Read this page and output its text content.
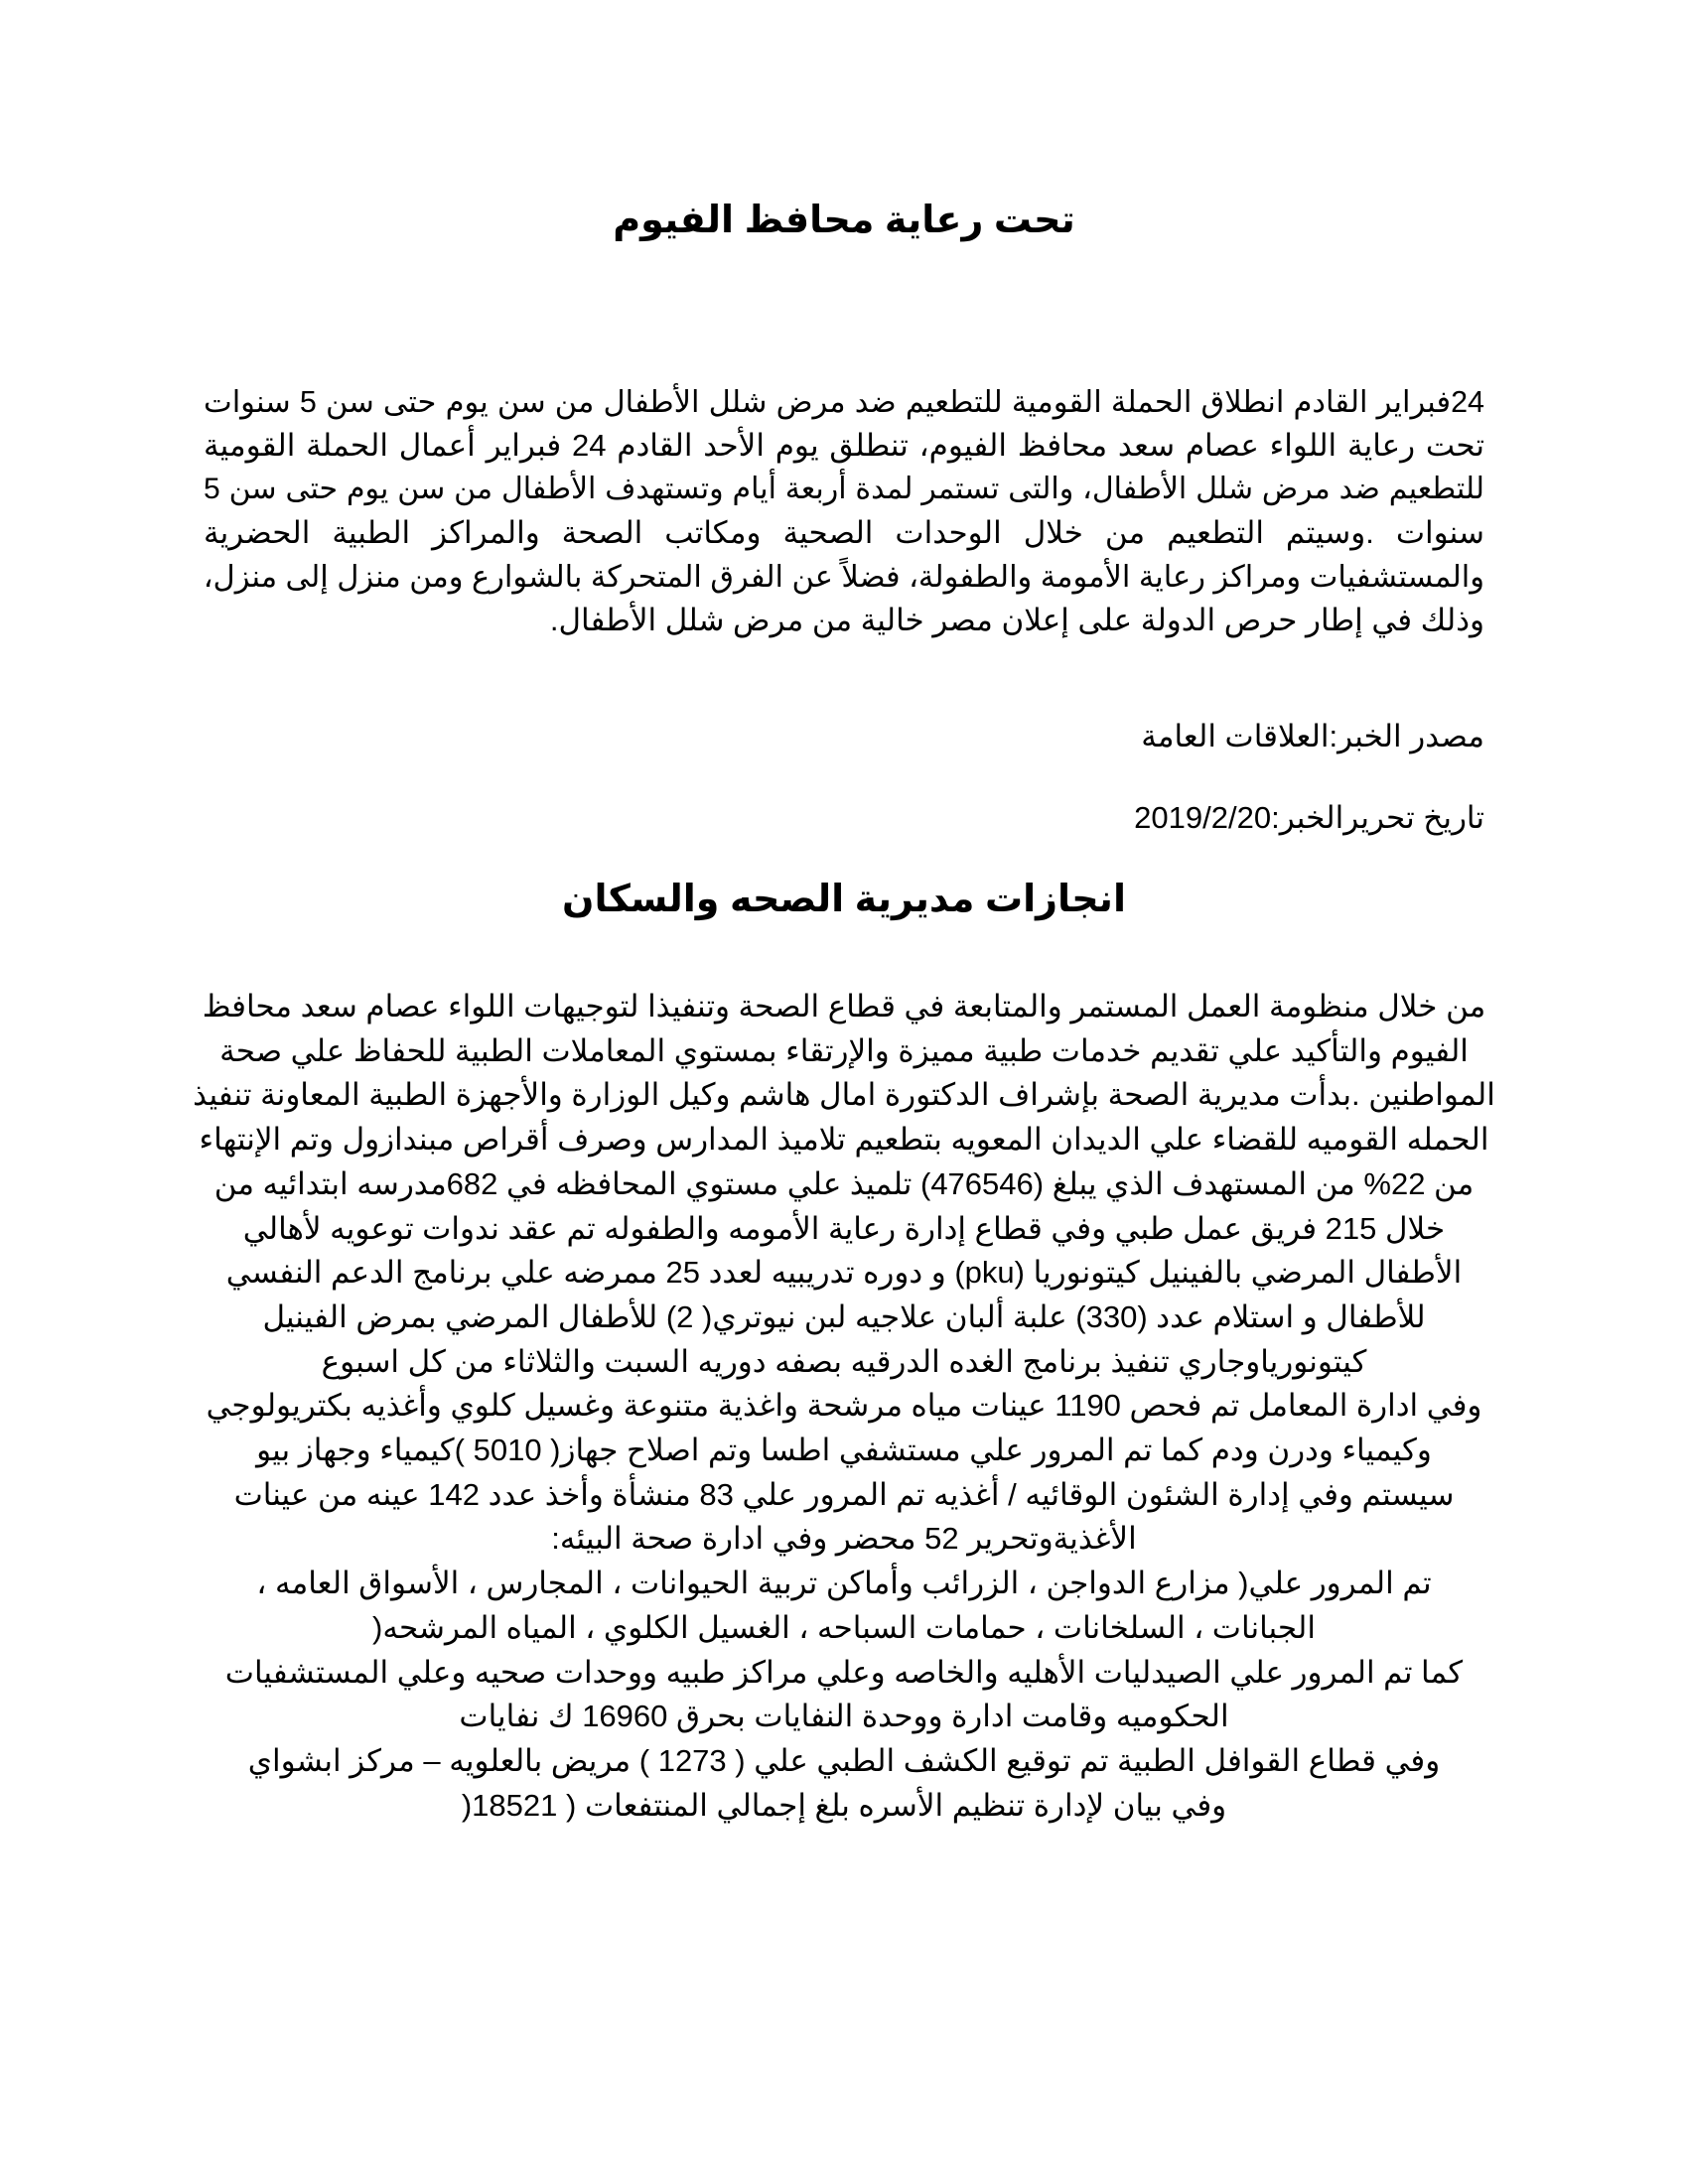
تحت رعاية محافظ الفيوم
24فبراير القادم انطلاق الحملة القومية للتطعيم ضد مرض شلل الأطفال من سن يوم حتى سن 5 سنوات
تحت رعاية اللواء عصام سعد محافظ الفيوم، تنطلق يوم الأحد القادم 24 فبراير أعمال الحملة القومية
للتطعيم ضد مرض شلل الأطفال، والتى تستمر لمدة أربعة أيام وتستهدف الأطفال من سن يوم حتى سن 5
سنوات .وسيتم التطعيم من خلال الوحدات الصحية ومكاتب الصحة والمراكز الطبية الحضرية
والمستشفيات ومراكز رعاية الأمومة والطفولة، فضلاً عن الفرق المتحركة بالشوارع ومن منزل إلى منزل،
وذلك في إطار حرص الدولة على إعلان مصر خالية من مرض شلل الأطفال.

مصدر الخبر:العلاقات العامة

تاريخ تحريرالخبر:2019/2/20

انجازات مديرية الصحه والسكان
من خلال منظومة العمل المستمر والمتابعة في قطاع الصحة وتنفيذا لتوجيهات اللواء عصام سعد محافظ
الفيوم والتأكيد علي تقديم خدمات طبية مميزة والإرتقاء بمستوي المعاملات الطبية للحفاظ علي صحة
المواطنين .بدأت مديرية الصحة بإشراف الدكتورة امال هاشم وكيل الوزارة والأجهزة الطبية المعاونة تنفيذ
الحمله القوميه للقضاء علي الديدان المعويه بتطعيم تلاميذ المدارس وصرف أقراص مبندازول وتم الإنتهاء
من 22% من المستهدف الذي يبلغ (476546) تلميذ علي مستوي المحافظه في 682مدرسه ابتدائيه من
خلال 215 فريق عمل طبي وفي قطاع إدارة رعاية الأمومه والطفوله تم عقد ندوات توعويه لأهالي
الأطفال المرضي بالفينيل كيتونوريا (pku) و دوره تدريبيه لعدد 25 ممرضه علي برنامج الدعم النفسي
للأطفال و استلام عدد (330) علبة ألبان علاجيه لبن نيوتري( 2) للأطفال المرضي بمرض الفينيل
كيتونورياوجاري تنفيذ برنامج الغده الدرقيه بصفه دوريه السبت والثلاثاء من كل اسبوع
وفي ادارة المعامل تم فحص 1190 عينات مياه مرشحة واغذية متنوعة وغسيل كلوي وأغذيه بكتريولوجي
وكيمياء ودرن ودم كما تم المرور علي مستشفي اطسا وتم اصلاح جهاز( 5010 )كيمياء وجهاز بيو
سيستم وفي إدارة الشئون الوقائيه / أغذيه تم المرور علي 83 منشأة وأخذ عدد 142 عينه من عينات
الأغذيةوتحرير 52 محضر وفي ادارة صحة البيئه:
تم المرور علي( مزارع الدواجن ، الزرائب وأماكن تربية الحيوانات ، المجارس ، الأسواق العامه ،
الجبانات ، السلخانات ، حمامات السباحه ، الغسيل الكلوي ، المياه المرشحه(
كما تم المرور علي الصيدليات الأهليه والخاصه وعلي مراكز طبيه ووحدات صحيه وعلي المستشفيات
الحكوميه وقامت ادارة ووحدة النفايات بحرق 16960 ك نفايات
وفي قطاع القوافل الطبية تم توقيع الكشف الطبي علي ( 1273 ) مريض بالعلويه – مركز ابشواي
وفي بيان لإدارة تنظيم الأسره بلغ إجمالي المنتفعات ( 18521(
